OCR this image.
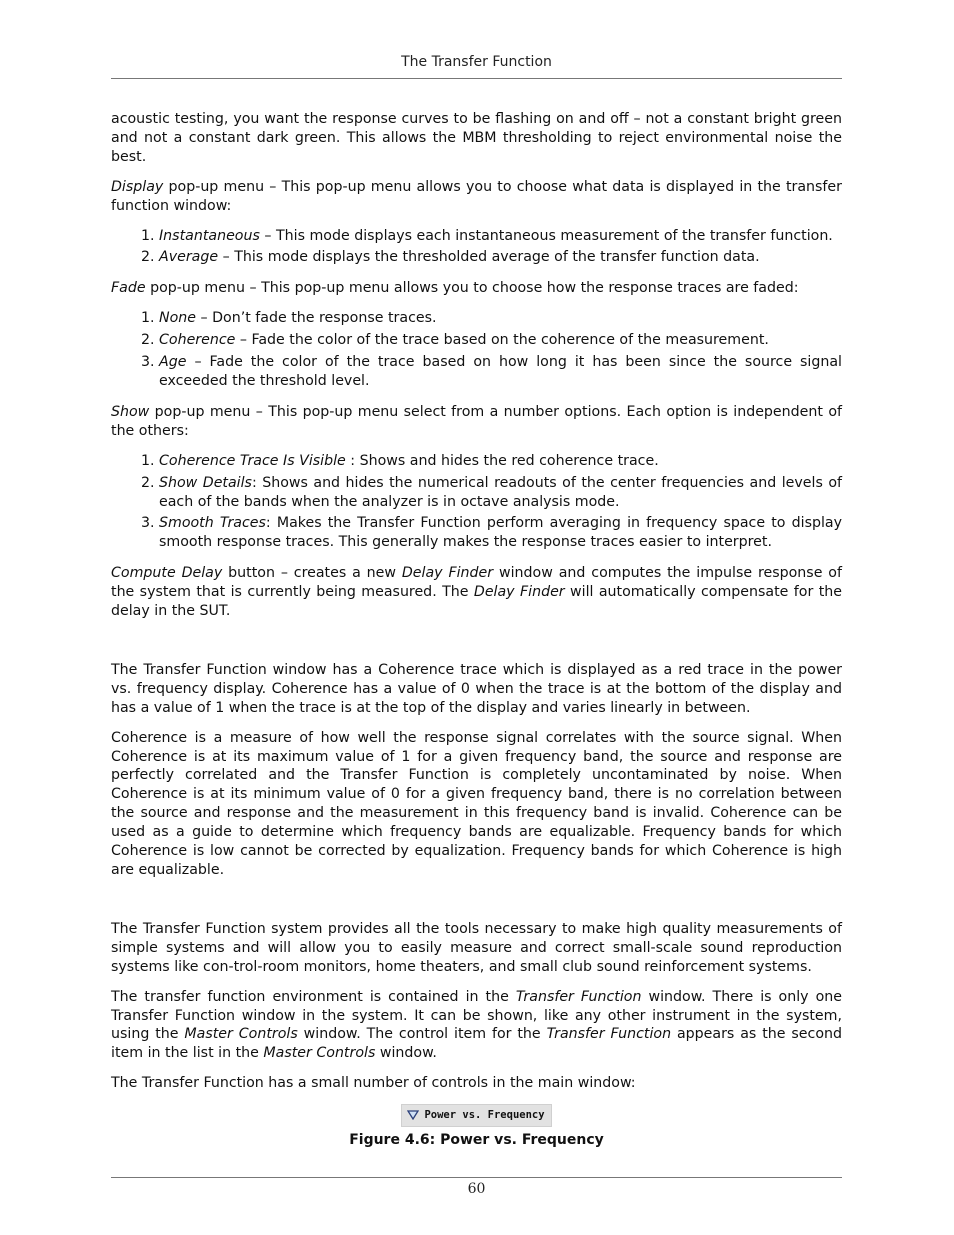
The Transfer Function

acoustic testing, you want the response curves to be flashing on and off – not a constant bright green and not a constant dark green. This allows the MBM thresholding to reject environmental noise the best.

Display pop-up menu – This pop-up menu allows you to choose what data is displayed in the transfer function window:

1. Instantaneous – This mode displays each instantaneous measurement of the transfer function.
2. Average – This mode displays the thresholded average of the transfer function data.

Fade pop-up menu – This pop-up menu allows you to choose how the response traces are faded:

1. None – Don’t fade the response traces.
2. Coherence – Fade the color of the trace based on the coherence of the measurement.
3. Age – Fade the color of the trace based on how long it has been since the source signal exceeded the threshold level.

Show pop-up menu – This pop-up menu select from a number options. Each option is independent of the others:

1. Coherence Trace Is Visible : Shows and hides the red coherence trace.
2. Show Details: Shows and hides the numerical readouts of the center frequencies and levels of each of the bands when the analyzer is in octave analysis mode.
3. Smooth Traces: Makes the Transfer Function perform averaging in frequency space to display smooth response traces. This generally makes the response traces easier to interpret.

Compute Delay button – creates a new Delay Finder window and computes the impulse response of the system that is currently being measured. The Delay Finder will automatically compensate for the delay in the SUT.

The Transfer Function window has a Coherence trace which is displayed as a red trace in the power vs. frequency display. Coherence has a value of 0 when the trace is at the bottom of the display and has a value of 1 when the trace is at the top of the display and varies linearly in between.

Coherence is a measure of how well the response signal correlates with the source signal. When Coherence is at its maximum value of 1 for a given frequency band, the source and response are perfectly correlated and the Transfer Function is completely uncontaminated by noise. When Coherence is at its minimum value of 0 for a given frequency band, there is no correlation between the source and response and the measurement in this frequency band is invalid. Coherence can be used as a guide to determine which frequency bands are equalizable. Frequency bands for which Coherence is low cannot be corrected by equalization. Frequency bands for which Coherence is high are equalizable.

The Transfer Function system provides all the tools necessary to make high quality measurements of simple systems and will allow you to easily measure and correct small-scale sound reproduction systems like con-trol-room monitors, home theaters, and small club sound reinforcement systems.

The transfer function environment is contained in the Transfer Function window. There is only one Transfer Function window in the system. It can be shown, like any other instrument in the system, using the Master Controls window. The control item for the Transfer Function appears as the second item in the list in the Master Controls window.

The Transfer Function has a small number of controls in the main window:

Power vs. Frequency
Figure 4.6: Power vs. Frequency
60
